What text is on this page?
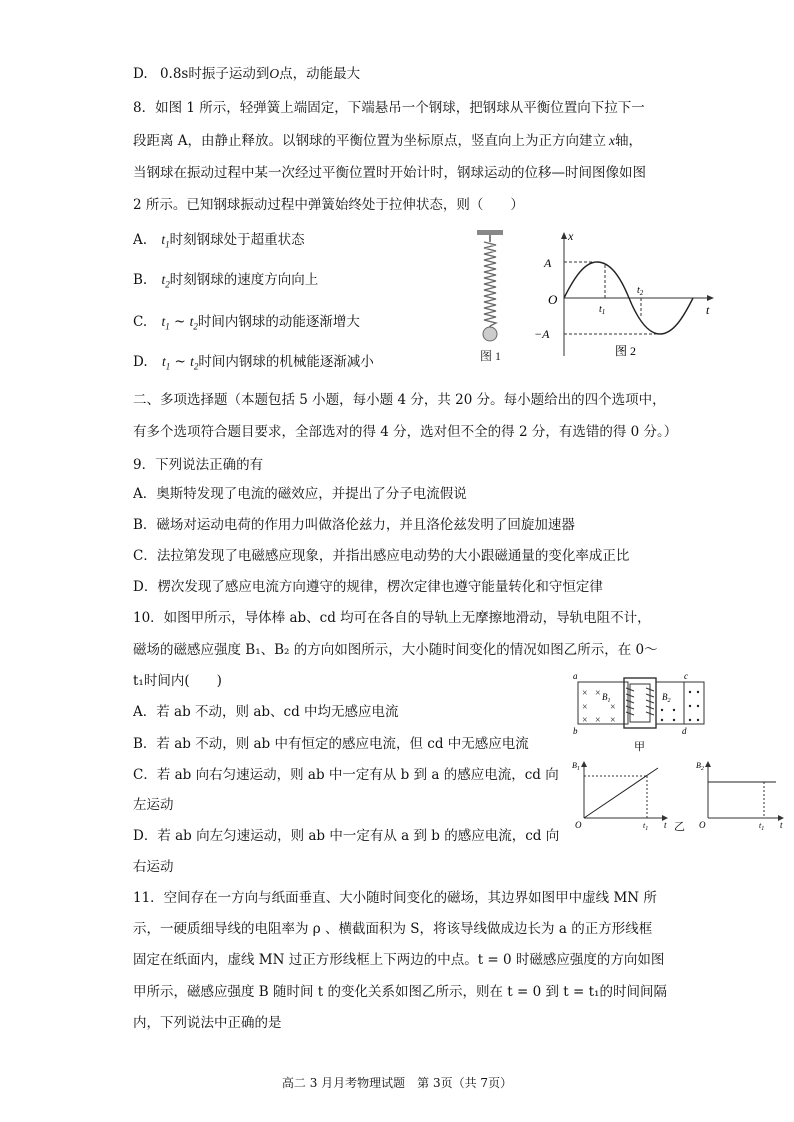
D. 0.8s时振子运动到O点，动能最大
8．如图 1 所示，轻弹簧上端固定，下端悬吊一个钢球，把钢球从平衡位置向下拉下一
段距离 A，由静止释放。以钢球的平衡位置为坐标原点，竖直向上为正方向建立 x轴，
当钢球在振动过程中某一次经过平衡位置时开始计时，钢球运动的位移—时间图像如图
2 所示。已知钢球振动过程中弹簧始终处于拉伸状态，则（　　）
A. $t_1$时刻钢球处于超重状态
B. $t_2$时刻钢球的速度方向向上
C. $t_1$ ~ $t_2$时间内钢球的动能逐渐增大
D. $t_1$ ~ $t_2$时间内钢球的机械能逐渐减小	图 1
x
A
O
−A
$t_1$
$t_2$
t
图 2
二、多项选择题（本题包括 5 小题，每小题 4 分，共 20 分。每小题给出的四个选项中，
有多个选项符合题目要求，全部选对的得 4 分，选对但不全的得 2 分，有选错的得 0 分。）
9．下列说法正确的有
A．奥斯特发现了电流的磁效应，并提出了分子电流假说
B．磁场对运动电荷的作用力叫做洛伦兹力，并且洛伦兹发明了回旋加速器
C．法拉第发现了电磁感应现象，并指出感应电动势的大小跟磁通量的变化率成正比
D．楞次发现了感应电流方向遵守的规律，楞次定律也遵守能量转化和守恒定律
10．如图甲所示，导体棒 ab、cd 均可在各自的导轨上无摩擦地滑动，导轨电阻不计，
磁场的磁感应强度 B₁、B₂ 的方向如图所示，大小随时间变化的情况如图乙所示，在 0～
t₁时间内(　　)
A．若 ab 不动，则 ab、cd 中均无感应电流
B．若 ab 不动，则 ab 中有恒定的感应电流，但 cd 中无感应电流
C．若 ab 向右匀速运动，则 ab 中一定有从 b 到 a 的感应电流，cd 向
左运动
D．若 ab 向左匀速运动，则 ab 中一定有从 a 到 b 的感应电流，cd 向
右运动
× ×
× ×
× × ×
a
b
c
d
$B_1$	$B_2$
甲
$B_1$
O	$t_1$ t
$B_2$
O	$t_1$ t
乙
11．空间存在一方向与纸面垂直、大小随时间变化的磁场，其边界如图甲中虚线 MN 所
示，一硬质细导线的电阻率为 ρ 、横截面积为 S，将该导线做成边长为 a 的正方形线框
固定在纸面内，虚线 MN 过正方形线框上下两边的中点。t = 0 时磁感应强度的方向如图
甲所示，磁感应强度 B 随时间 t 的变化关系如图乙所示，则在 t = 0 到 t = t₁的时间间隔
内，下列说法中正确的是
高二 3 月月考物理试题　第 3页（共 7页）
